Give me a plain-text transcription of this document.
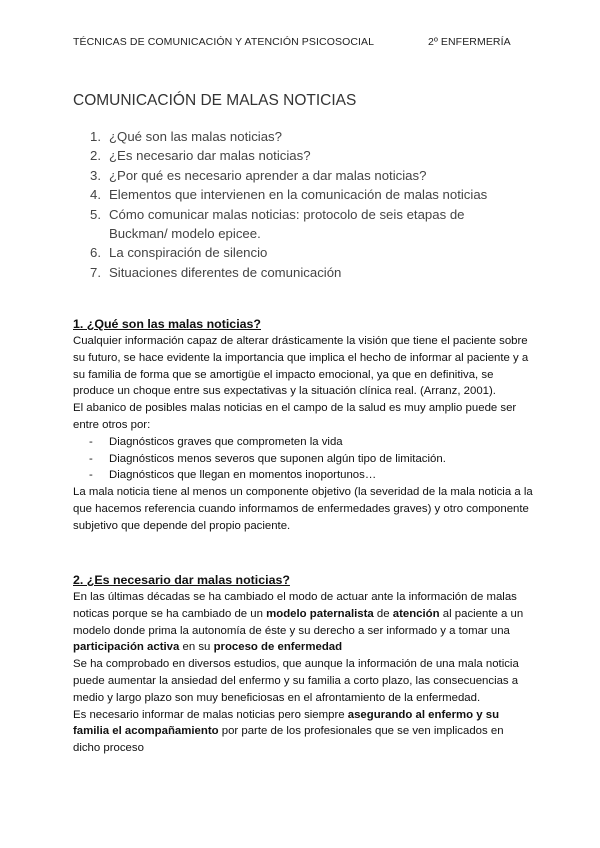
TÉCNICAS DE COMUNICACIÓN Y ATENCIÓN PSICOSOCIAL	2º ENFERMERÍA
COMUNICACIÓN DE MALAS NOTICIAS
1. ¿Qué son las malas noticias?
2. ¿Es necesario dar malas noticias?
3. ¿Por qué es necesario aprender a dar malas noticias?
4. Elementos que intervienen en la comunicación de malas noticias
5. Cómo comunicar malas noticias: protocolo de seis etapas de Buckman/ modelo epicee.
6. La conspiración de silencio
7. Situaciones diferentes de comunicación
1. ¿Qué son las malas noticias?

Cualquier información capaz de alterar drásticamente la visión que tiene el paciente sobre su futuro, se hace evidente la importancia que implica el hecho de informar al paciente y a su familia de forma que se amortigüe el impacto emocional, ya que en definitiva, se produce un choque entre sus expectativas y la situación clínica real. (Arranz, 2001).

El abanico de posibles malas noticias en el campo de la salud es muy amplio puede ser entre otros por:

- Diagnósticos graves que comprometen la vida
- Diagnósticos menos severos que suponen algún tipo de limitación.
- Diagnósticos que llegan en momentos inoportunos…

La mala noticia tiene al menos un componente objetivo (la severidad de la mala noticia a la que hacemos referencia cuando informamos de enfermedades graves) y otro componente subjetivo que depende del propio paciente.

2. ¿Es necesario dar malas noticias?

En las últimas décadas se ha cambiado el modo de actuar ante la información de malas noticas porque se ha cambiado de un modelo paternalista de atención al paciente a un modelo donde prima la autonomía de éste y su derecho a ser informado y a tomar una participación activa en su proceso de enfermedad

Se ha comprobado en diversos estudios, que aunque la información de una mala noticia puede aumentar la ansiedad del enfermo y su familia a corto plazo, las consecuencias a medio y largo plazo son muy beneficiosas en el afrontamiento de la enfermedad.

Es necesario informar de malas noticias pero siempre asegurando al enfermo y su familia el acompañamiento por parte de los profesionales que se ven implicados en dicho proceso
